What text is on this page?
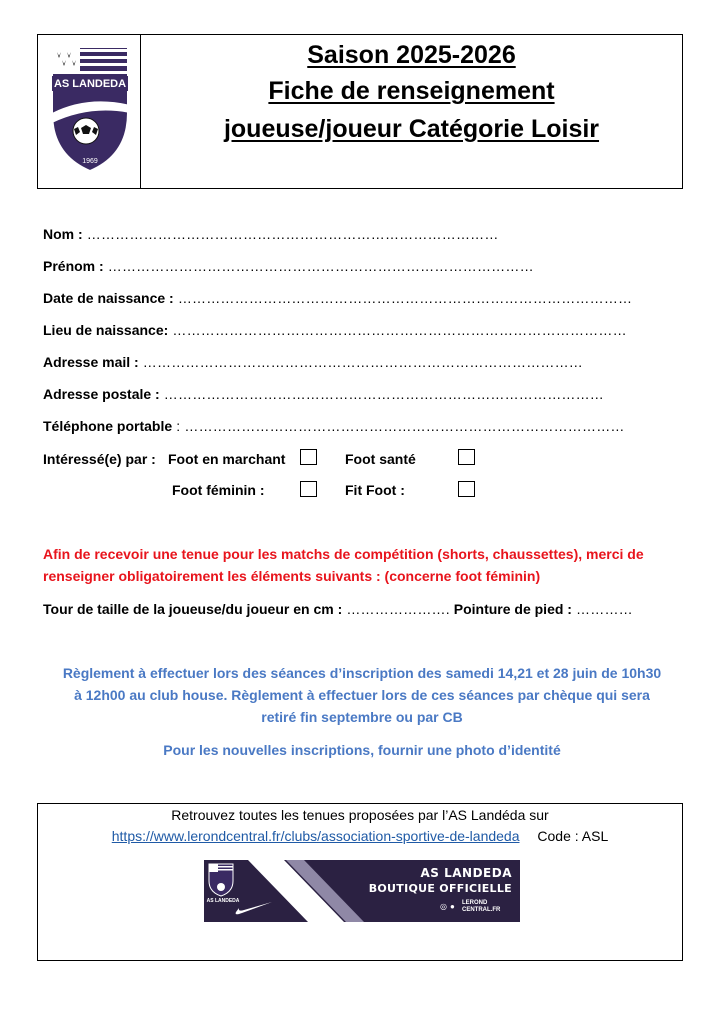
AS LANDEDA
1969
Saison 2025-2026
Fiche de renseignement
joueuse/joueur Catégorie Loisir
Nom : ……………………………………………………………………………
Prénom : ………………………………………………………………………………
Date de naissance : ……………………………………………………………………………………
Lieu de naissance: ……………………………………………………………………………………
Adresse mail : …………………………………………………………………………………
Adresse postale : …………………………………………………………………………………
Téléphone portable : …………………………………………………………………………………
Intéressé(e) par : Foot en marchant	Foot santé
Foot féminin :	Fit Foot :
Afin de recevoir une tenue pour les matchs de compétition (shorts, chaussettes), merci de renseigner obligatoirement les éléments suivants : (concerne foot féminin)
Tour de taille de la joueuse/du joueur en cm : …………………. Pointure de pied : …………
Règlement à effectuer lors des séances d’inscription des samedi 14,21 et 28 juin de 10h30
à 12h00 au club house. Règlement à effectuer lors de ces séances par chèque qui sera
retiré fin septembre ou par CB
Pour les nouvelles inscriptions, fournir une photo d’identité
Retrouvez toutes les tenues proposées par l’AS Landéda sur
https://www.lerondcentral.fr/clubs/association-sportive-de-landeda Code : ASL
AS LANDEDA
AS LANDEDA
BOUTIQUE OFFICIELLE
◎ ● LEROND CENTRAL.FR
